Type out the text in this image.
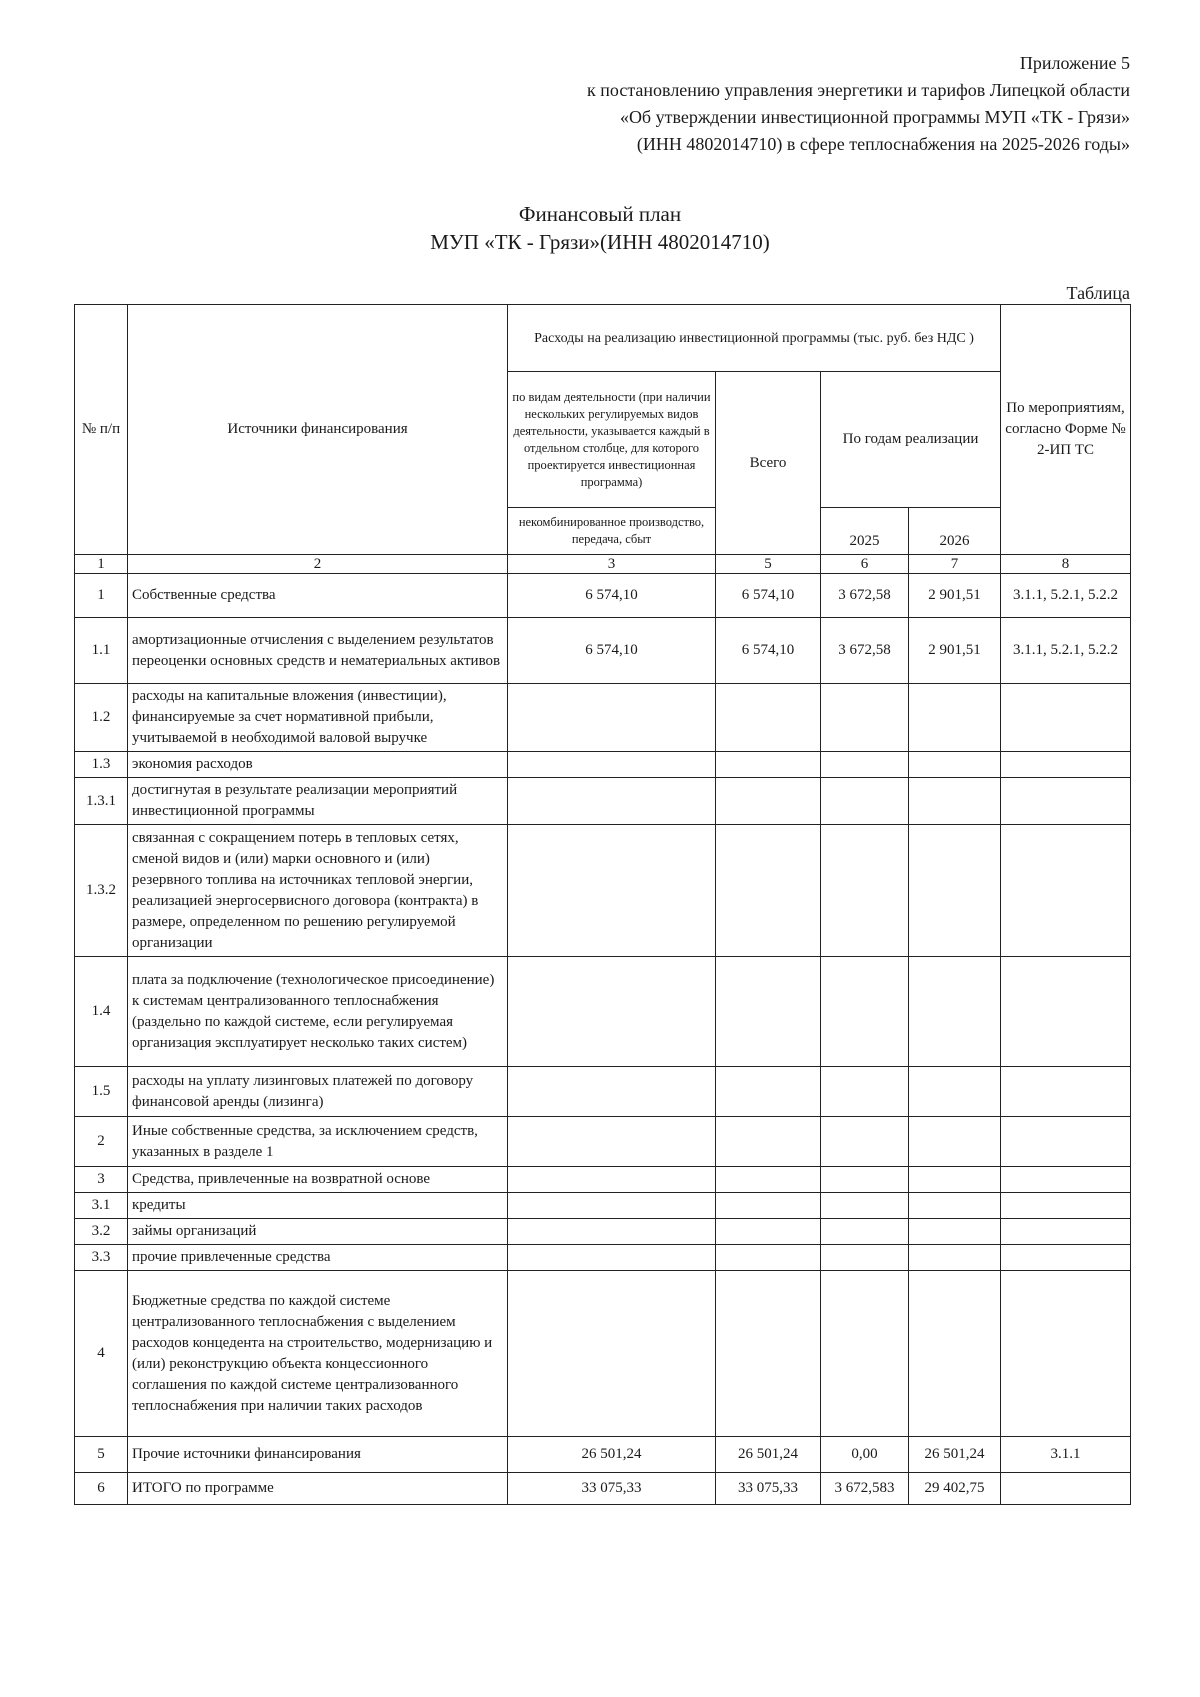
Приложение 5
к постановлению управления энергетики и тарифов Липецкой области
«Об утверждении инвестиционной программы МУП «ТК - Грязи»
(ИНН 4802014710) в сфере теплоснабжения на 2025-2026 годы»
Финансовый план
МУП «ТК - Грязи»(ИНН 4802014710)
Таблица
№ п/п	Источники финансирования	Расходы на реализацию инвестиционной программы (тыс. руб. без НДС )				По мероприятиям, согласно Форме № 2-ИП ТС
		по видам деятельности (при наличии нескольких регулируемых видов деятельности, указывается каждый в отдельном столбце, для которого проектируется инвестиционная программа)	Всего	По годам реализации		
		некомбинированное производство, передача, сбыт		2025	2026	
1	2	3	5	6	7	8
1	Собственные средства	6 574,10	6 574,10	3 672,58	2 901,51	3.1.1, 5.2.1, 5.2.2
1.1	амортизационные отчисления с выделением результатов переоценки основных средств и нематериальных активов	6 574,10	6 574,10	3 672,58	2 901,51	3.1.1, 5.2.1, 5.2.2
1.2	расходы на капитальные вложения (инвестиции), финансируемые за счет нормативной прибыли, учитываемой в необходимой валовой выручке					
1.3	экономия расходов					
1.3.1	достигнутая в результате реализации мероприятий инвестиционной программы					
1.3.2	связанная с сокращением потерь в тепловых сетях, сменой видов и (или) марки основного и (или) резервного топлива на источниках тепловой энергии, реализацией энергосервисного договора (контракта) в размере, определенном по решению регулируемой организации					
1.4	плата за подключение (технологическое присоединение) к системам централизованного теплоснабжения (раздельно по каждой системе, если регулируемая организация эксплуатирует несколько таких систем)					
1.5	расходы на уплату лизинговых платежей по договору финансовой аренды (лизинга)					
2	Иные собственные средства, за исключением средств, указанных в разделе 1					
3	Средства, привлеченные на возвратной основе					
3.1	кредиты					
3.2	займы организаций					
3.3	прочие привлеченные средства					
4	Бюджетные средства по каждой системе централизованного теплоснабжения с выделением расходов концедента на строительство, модернизацию и (или) реконструкцию объекта концессионного соглашения по каждой системе централизованного теплоснабжения при наличии таких расходов					
5	Прочие источники финансирования	26 501,24	26 501,24	0,00	26 501,24	3.1.1
6	ИТОГО по программе	33 075,33	33 075,33	3 672,583	29 402,75	
